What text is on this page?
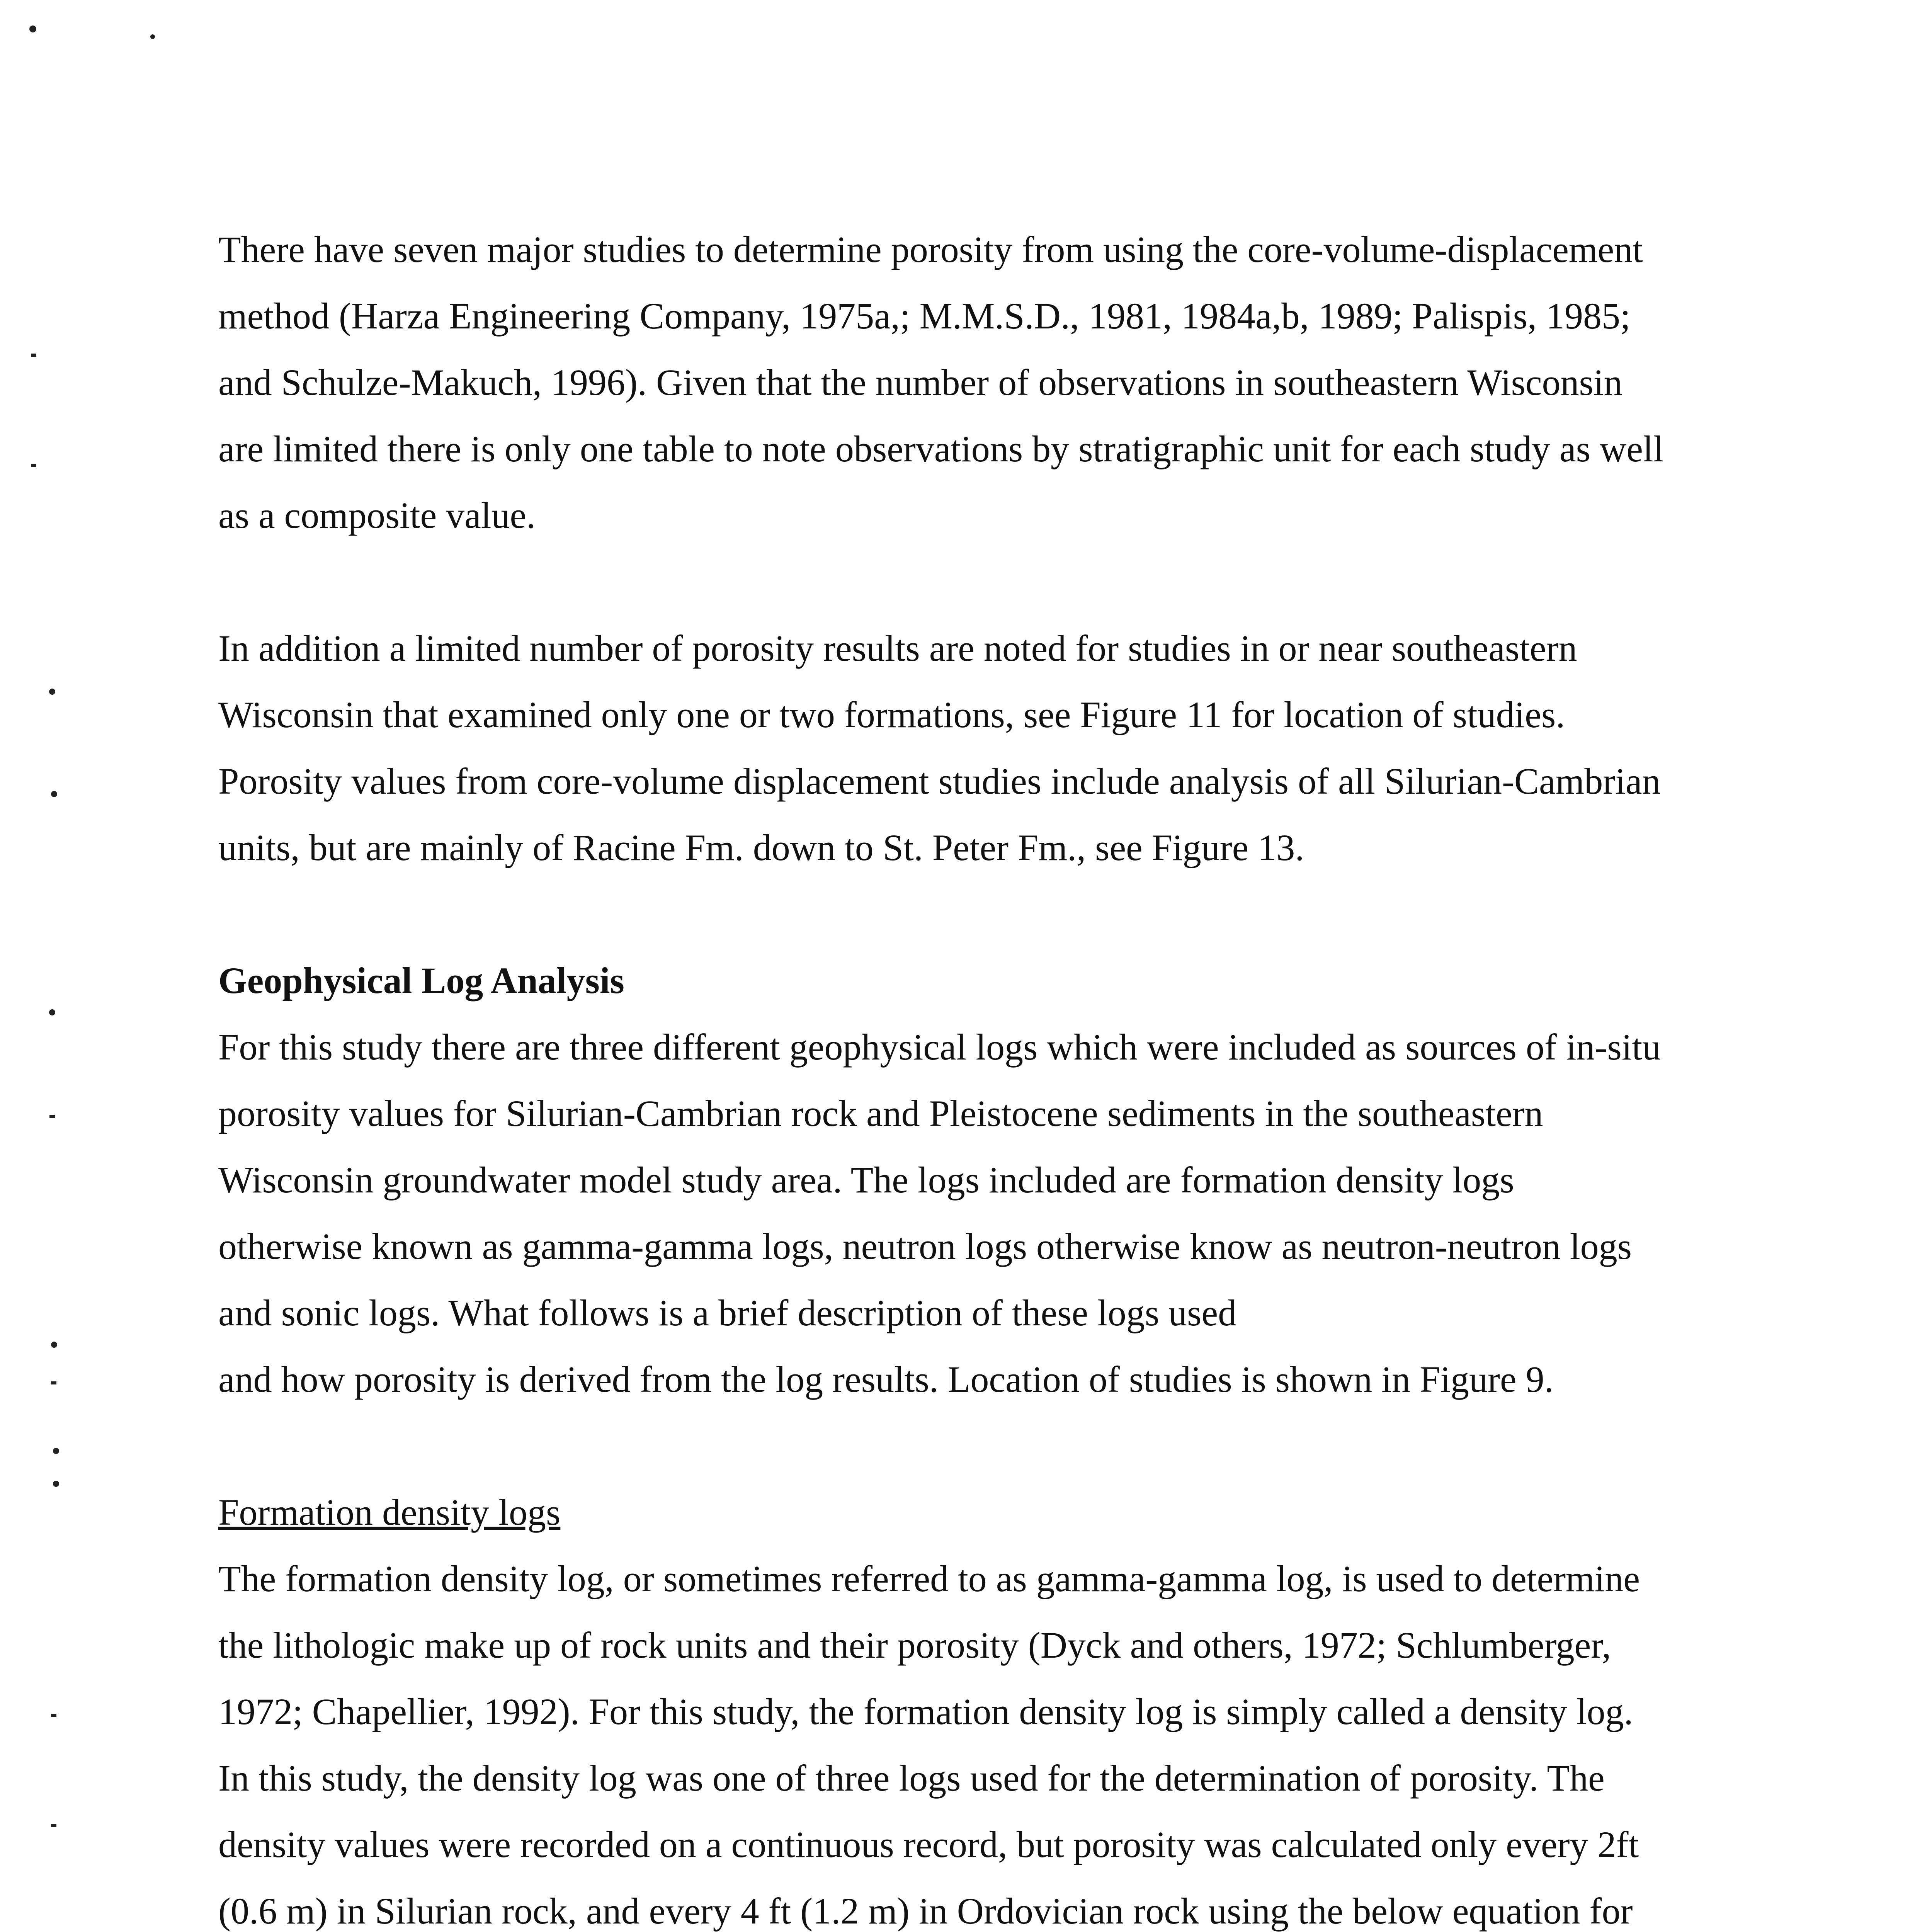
There have seven major studies to determine porosity from using the core-volume-displacement
method (Harza Engineering Company, 1975a,; M.M.S.D., 1981, 1984a,b, 1989; Palispis, 1985;
and Schulze-Makuch, 1996). Given that the number of observations in southeastern Wisconsin
are limited there is only one table to note observations by stratigraphic unit for each study as well
as a composite value.

In addition a limited number of porosity results are noted for studies in or near southeastern
Wisconsin that examined only one or two formations, see Figure 11 for location of studies.
Porosity values from core-volume displacement studies include analysis of all Silurian-Cambrian
units, but are mainly of Racine Fm. down to St. Peter Fm., see Figure 13.

Geophysical Log Analysis

For this study there are three different geophysical logs which were included as sources of in-situ
porosity values for Silurian-Cambrian rock and Pleistocene sediments in the southeastern
Wisconsin groundwater model study area. The logs included are formation density logs
otherwise known as gamma-gamma logs, neutron logs otherwise know as neutron-neutron logs
and sonic logs. What follows is a brief description of these logs used
and how porosity is derived from the log results. Location of studies is shown in Figure 9.

Formation density logs

The formation density log, or sometimes referred to as gamma-gamma log, is used to determine
the lithologic make up of rock units and their porosity (Dyck and others, 1972; Schlumberger,
1972; Chapellier, 1992). For this study, the formation density log is simply called a density log.
In this study, the density log was one of three logs used for the determination of porosity. The
density values were recorded on a continuous record, but porosity was calculated only every 2ft
(0.6 m) in Silurian rock, and every 4 ft (1.2 m) in Ordovician rock using the below equation for
